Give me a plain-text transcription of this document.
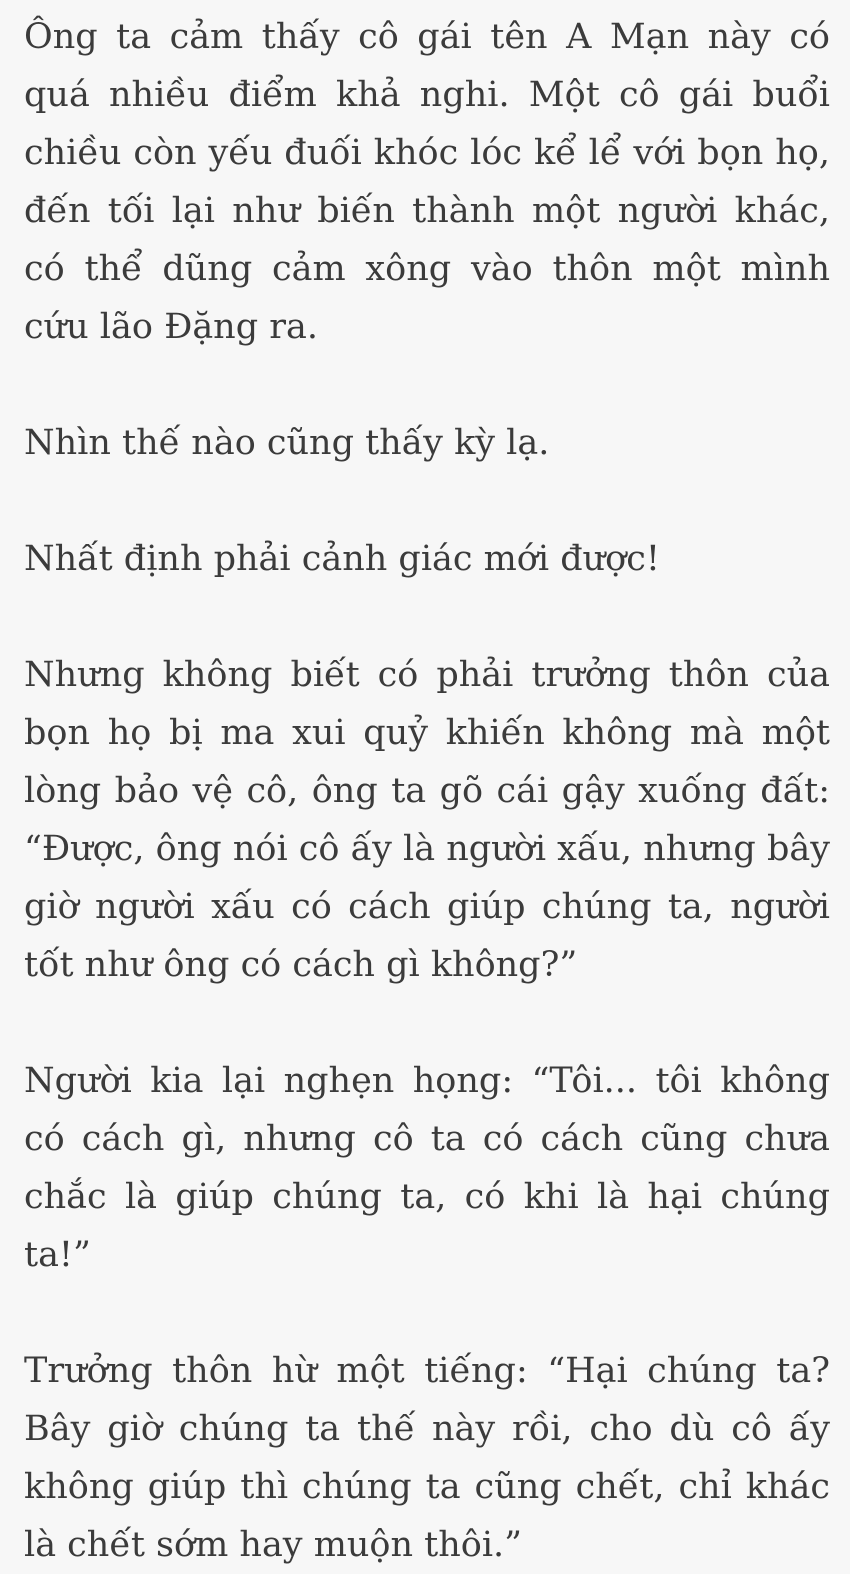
Ông ta cảm thấy cô gái tên A Mạn này có quá nhiều điểm khả nghi. Một cô gái buổi chiều còn yếu đuối khóc lóc kể lể với bọn họ, đến tối lại như biến thành một người khác, có thể dũng cảm xông vào thôn một mình cứu lão Đặng ra.

Nhìn thế nào cũng thấy kỳ lạ.

Nhất định phải cảnh giác mới được!

Nhưng không biết có phải trưởng thôn của bọn họ bị ma xui quỷ khiến không mà một lòng bảo vệ cô, ông ta gõ cái gậy xuống đất: “Được, ông nói cô ấy là người xấu, nhưng bây giờ người xấu có cách giúp chúng ta, người tốt như ông có cách gì không?”

Người kia lại nghẹn họng: “Tôi... tôi không có cách gì, nhưng cô ta có cách cũng chưa chắc là giúp chúng ta, có khi là hại chúng ta!”

Trưởng thôn hừ một tiếng: “Hại chúng ta? Bây giờ chúng ta thế này rồi, cho dù cô ấy không giúp thì chúng ta cũng chết, chỉ khác là chết sớm hay muộn thôi.”
